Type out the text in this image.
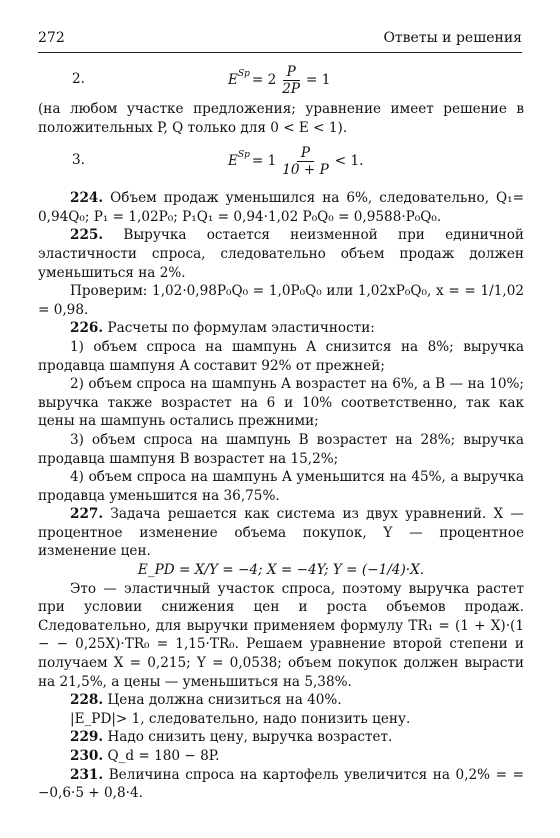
272	Ответы и решения
2.	E $Sp = 2 \frac{P}{2P} = 1$

(на любом участке предложения; уравнение имеет решение в положительных P, Q только для 0 < E < 1).

3.	E $Sp = 1 \frac{P}{10 + P} < 1$.

224. Объем продаж уменьшился на 6%, следовательно, Q₁= 0,94Q₀; P₁ = 1,02P₀; P₁Q₁ = 0,94·1,02 P₀Q₀ = 0,9588·P₀Q₀.

225. Выручка остается неизменной при единичной эластичности спроса, следовательно объем продаж должен уменьшиться на 2%.

Проверим: 1,02·0,98P₀Q₀ = 1,0P₀Q₀ или 1,02xP₀Q₀, x = = 1/1,02 = 0,98.

226. Расчеты по формулам эластичности:

1) объем спроса на шампунь A снизится на 8%; выручка продавца шампуня A составит 92% от прежней;

2) объем спроса на шампунь A возрастет на 6%, а B — на 10%; выручка также возрастет на 6 и 10% соответственно, так как цены на шампунь остались прежними;

3) объем спроса на шампунь B возрастет на 28%; выручка продавца шампуня B возрастет на 15,2%;

4) объем спроса на шампунь A уменьшится на 45%, а выручка продавца уменьшится на 36,75%.

227. Задача решается как система из двух уравнений. X — процентное изменение объема покупок, Y — процентное изменение цен.

E_PD = X/Y = −4; X = −4Y; Y = (−1/4)·X.

Это — эластичный участок спроса, поэтому выручка растет при условии снижения цен и роста объемов продаж. Следовательно, для выручки применяем формулу TR₁ = (1 + X)·(1 − − 0,25X)·TR₀ = 1,15·TR₀. Решаем уравнение второй степени и получаем X = 0,215; Y = 0,0538; объем покупок должен вырасти на 21,5%, а цены — уменьшиться на 5,38%.

228. Цена должна снизиться на 40%.

|E_PD|> 1, следовательно, надо понизить цену.

229. Надо снизить цену, выручка возрастет.

230. Q_d = 180 − 8P.

231. Величина спроса на картофель увеличится на 0,2% = = −0,6·5 + 0,8·4.
